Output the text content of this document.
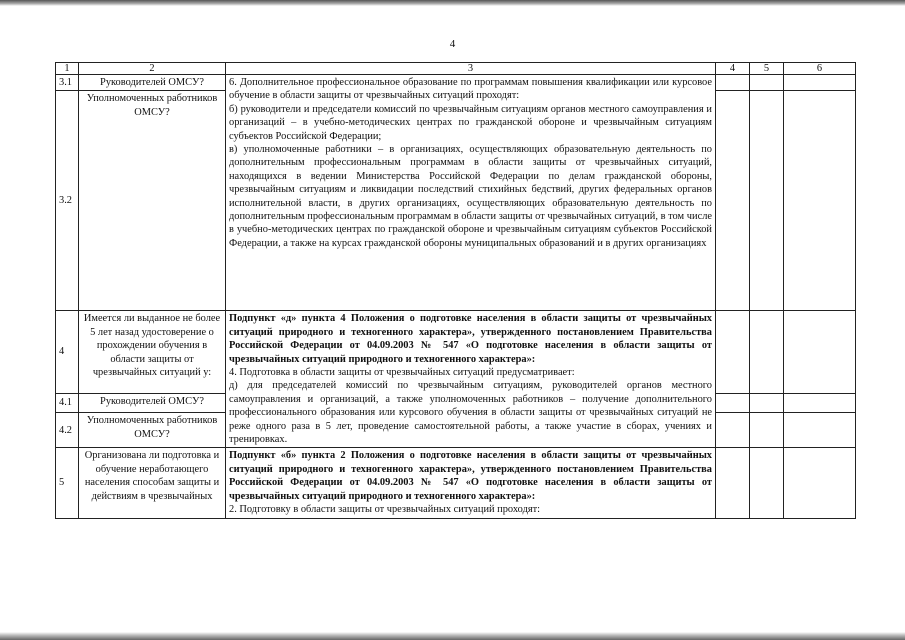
4
1	2	3	4	5	6
3.1	Руководителей ОМСУ?	6. Дополнительное профессиональное образование по программам повышения квалификации или курсовое обучение в области защиты от чрезвычайных ситуаций проходят:

б) руководители и председатели комиссий по чрезвычайным ситуациям органов местного самоуправления и организаций – в учебно-методических центрах по гражданской обороне и чрезвычайным ситуациям субъектов Российской Федерации;

в) уполномоченные работники – в организациях, осуществляющих образовательную деятельность по дополнительным профессиональным программам в области защиты от чрезвычайных ситуаций, находящихся в ведении Министерства Российской Федерации по делам гражданской обороны, чрезвычайным ситуациям и ликвидации последствий стихийных бедствий, других федеральных органов исполнительной власти, в других организациях, осуществляющих образовательную деятельность по дополнительным профессиональным программам в области защиты от чрезвычайных ситуаций, в том числе в учебно-методических центрах по гражданской обороне и чрезвычайным ситуациям субъектов Российской Федерации, а также на курсах гражданской обороны муниципальных образований и в других организациях			

3.2	Уполномоченных работников ОМСУ?				
4	Имеется ли выданное не более 5 лет назад удостоверение о прохождении обучения в области защиты от чрезвычайных ситуаций у:	Подпункт «д» пункта 4 Положения о подготовке населения в области защиты от чрезвычайных ситуаций природного и техногенного характера», утвержденного постановлением Правительства Российской Федерации от 04.09.2003 № 547 «О подготовке населения в области защиты от чрезвычайных ситуаций природного и техногенного характера»:

4. Подготовка в области защиты от чрезвычайных ситуаций предусматривает:

д) для председателей комиссий по чрезвычайным ситуациям, руководителей органов местного самоуправления и организаций, а также уполномоченных работников – получение дополнительного профессионального образования или курсового обучения в области защиты от чрезвычайных ситуаций не реже одного раза в 5 лет, проведение самостоятельной работы, а также участие в сборах, учениях и тренировках.			

4.1	Руководителей ОМСУ?				
4.2	Уполномоченных работников ОМСУ?				
5	Организована ли подготовка и обучение неработающего населения способам защиты и действиям в чрезвычайных	Подпункт «б» пункта 2 Положения о подготовке населения в области защиты от чрезвычайных ситуаций природного и техногенного характера», утвержденного постановлением Правительства Российской Федерации от 04.09.2003 № 547 «О подготовке населения в области защиты от чрезвычайных ситуаций природного и техногенного характера»:

2. Подготовку в области защиты от чрезвычайных ситуаций проходят:			
